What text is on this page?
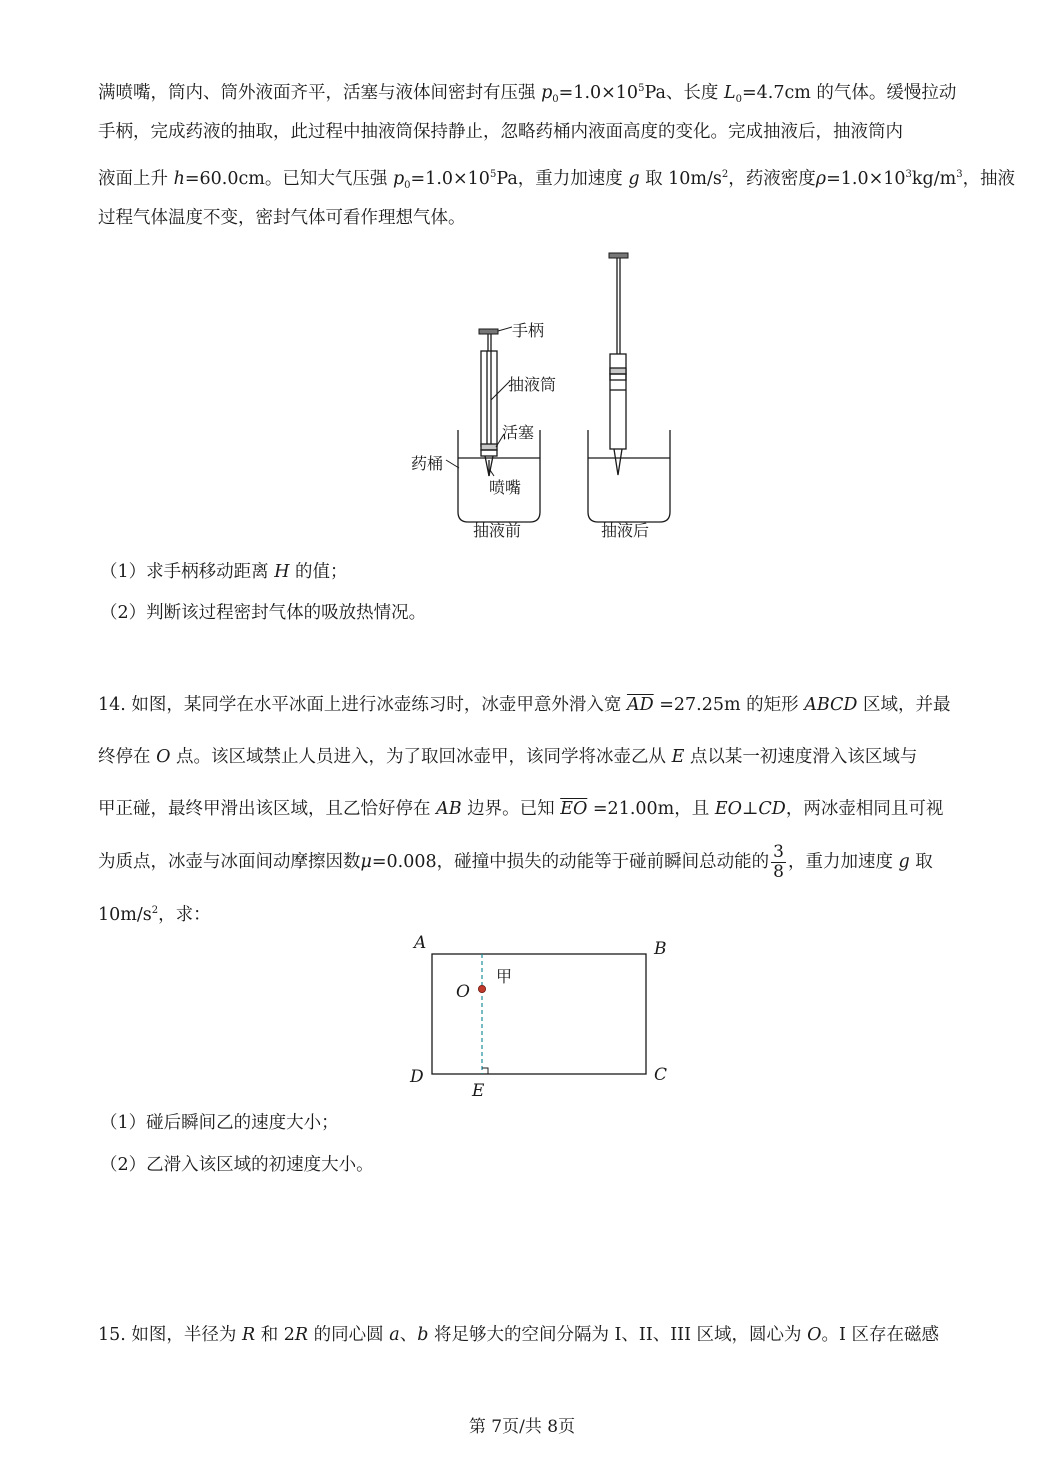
满喷嘴，筒内、筒外液面齐平，活塞与液体间密封有压强 $p_0=1.0\times 10^5Pa$、长度 $L_0=4.7cm$ 的气体。缓慢拉动
手柄，完成药液的抽取，此过程中抽液筒保持静止，忽略药桶内液面高度的变化。完成抽液后，抽液筒内
液面上升 h=60.0cm。已知大气压强 $p_0=1.0\times 10^5Pa$，重力加速度 g 取 $10m/s^2$，药液密度$\rho=1.0\times 10^3kg/m^3$，抽液
过程气体温度不变，密封气体可看作理想气体。
手柄
抽液筒
活塞
药桶
喷嘴
抽液前	抽液后
（1）求手柄移动距离 H 的值；
（2）判断该过程密封气体的吸放热情况。
14. 如图，某同学在水平冰面上进行冰壶练习时，冰壶甲意外滑入宽 $\overline{AD} =27.25m$ 的矩形 ABCD 区域，并最
终停在 O 点。该区域禁止人员进入，为了取回冰壶甲，该同学将冰壶乙从 E 点以某一初速度滑入该区域与
甲正碰，最终甲滑出该区域，且乙恰好停在 AB 边界。已知 $\overline{EO} =21.00m$，且 EO⊥CD，两冰壶相同且可视
为质点，冰壶与冰面间动摩擦因数μ=0.008，碰撞中损失的动能等于碰前瞬间总动能的 $\frac{3}{8}$ ，重力加速度 g 取
$10m/s^2$，求：
A	B
D	C
E
O
甲
（1）碰后瞬间乙的速度大小；
（2）乙滑入该区域的初速度大小。
15. 如图，半径为 R 和 2R 的同心圆 a、b 将足够大的空间分隔为 I、II、III 区域，圆心为 O。I 区存在磁感
第 7页/共 8页
